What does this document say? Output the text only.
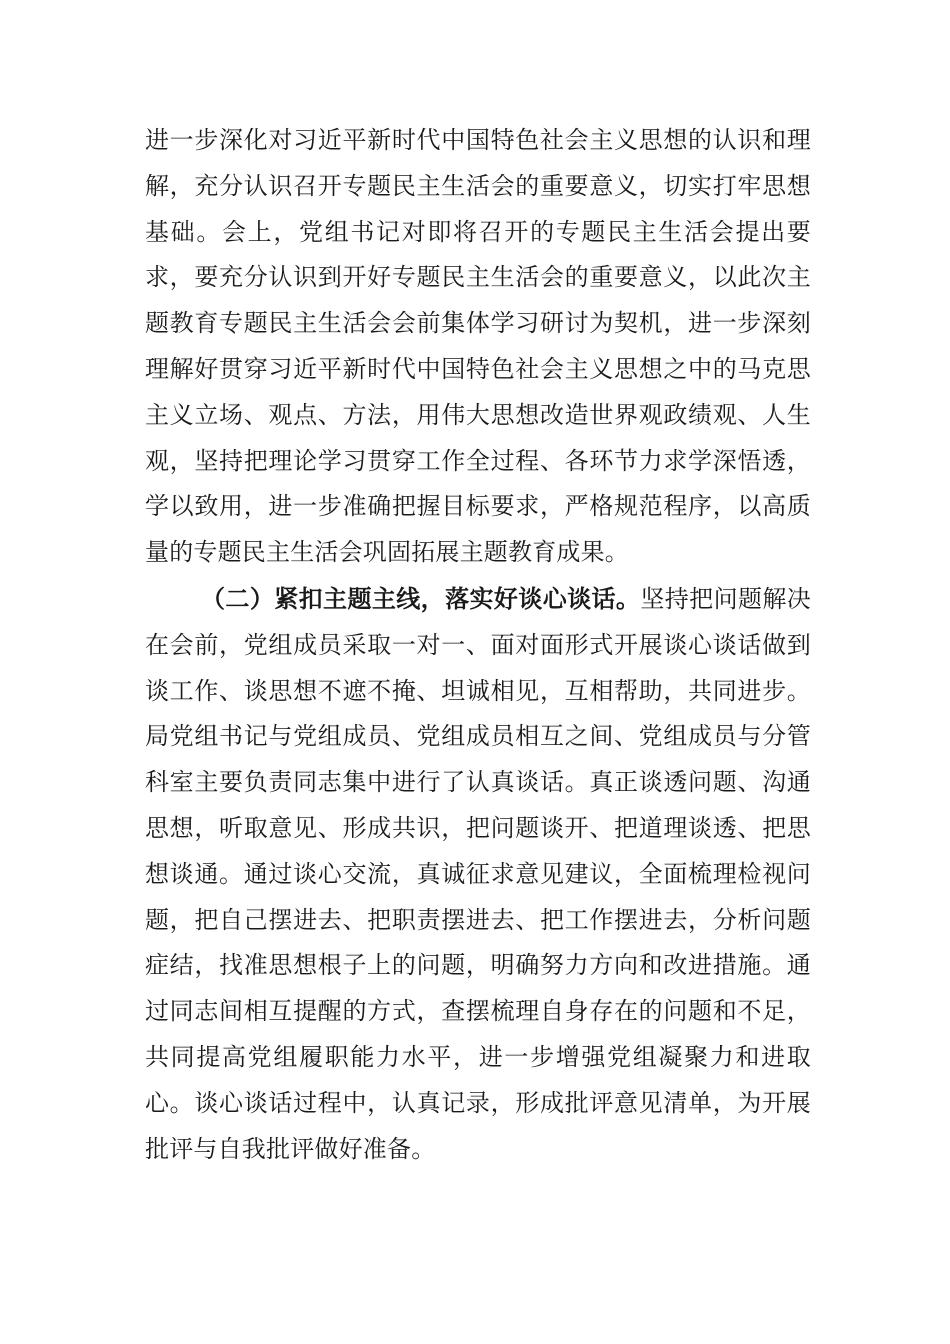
进一步深化对习近平新时代中国特色社会主义思想的认识和理解，充分认识召开专题民主生活会的重要意义，切实打牢思想基础。会上，党组书记对即将召开的专题民主生活会提出要求，要充分认识到开好专题民主生活会的重要意义，以此次主题教育专题民主生活会会前集体学习研讨为契机，进一步深刻理解好贯穿习近平新时代中国特色社会主义思想之中的马克思主义立场、观点、方法，用伟大思想改造世界观政绩观、人生观，坚持把理论学习贯穿工作全过程、各环节力求学深悟透，学以致用，进一步准确把握目标要求，严格规范程序，以高质量的专题民主生活会巩固拓展主题教育成果。

（二）紧扣主题主线，落实好谈心谈话。坚持把问题解决在会前，党组成员采取一对一、面对面形式开展谈心谈话做到谈工作、谈思想不遮不掩、坦诚相见，互相帮助，共同进步。局党组书记与党组成员、党组成员相互之间、党组成员与分管科室主要负责同志集中进行了认真谈话。真正谈透问题、沟通思想，听取意见、形成共识，把问题谈开、把道理谈透、把思想谈通。通过谈心交流，真诚征求意见建议，全面梳理检视问题，把自己摆进去、把职责摆进去、把工作摆进去，分析问题症结，找准思想根子上的问题，明确努力方向和改进措施。通过同志间相互提醒的方式，查摆梳理自身存在的问题和不足，共同提高党组履职能力水平，进一步增强党组凝聚力和进取心。谈心谈话过程中，认真记录，形成批评意见清单，为开展批评与自我批评做好准备。
